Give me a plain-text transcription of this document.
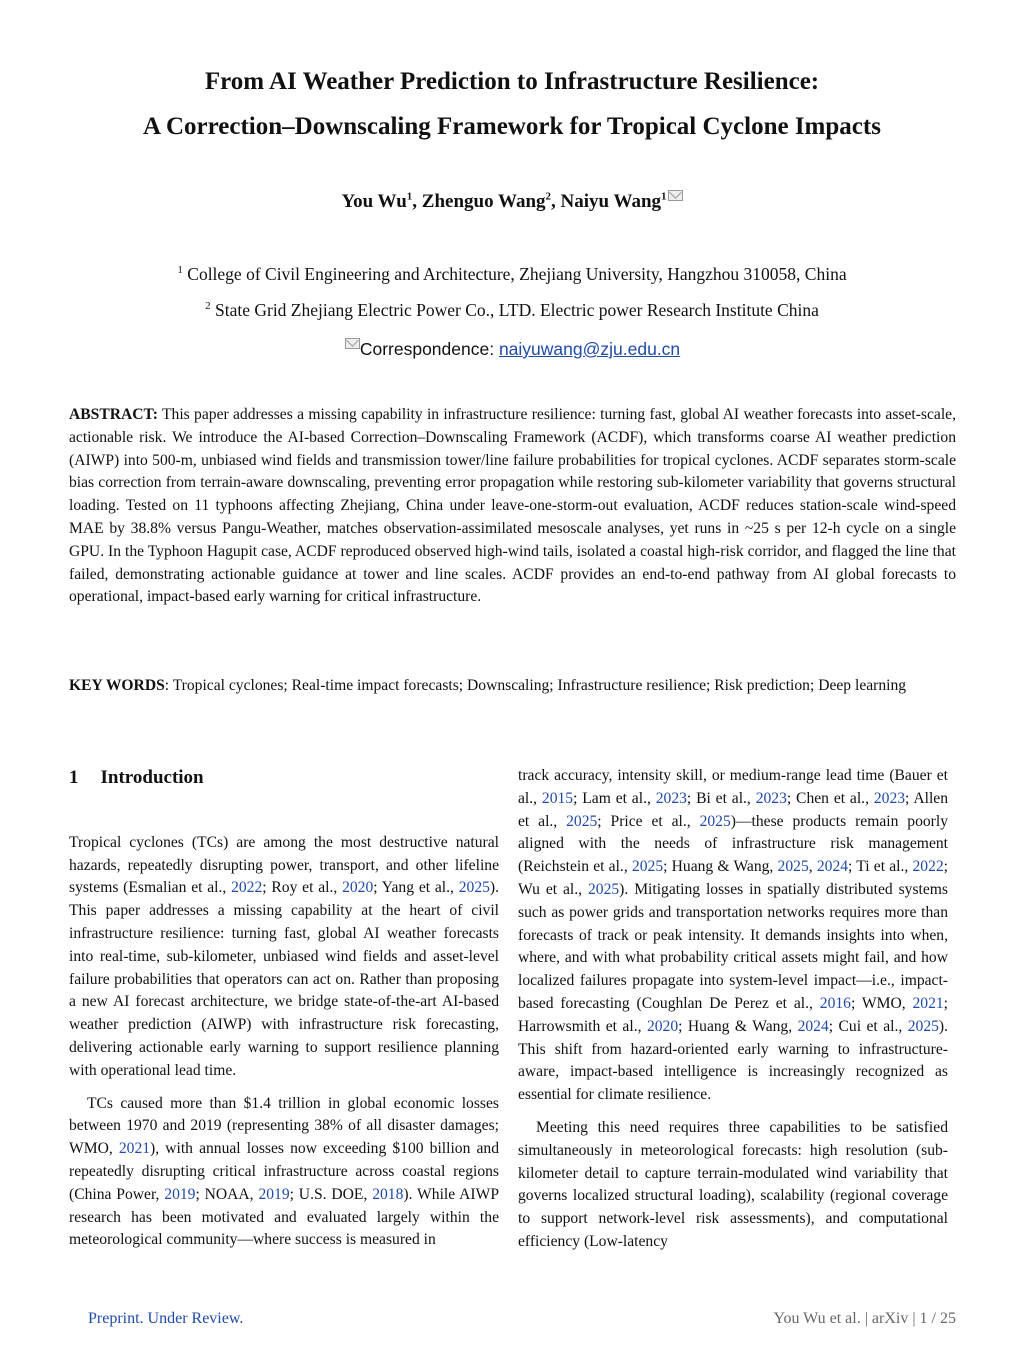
From AI Weather Prediction to Infrastructure Resilience:
A Correction–Downscaling Framework for Tropical Cyclone Impacts
You Wu$^1$, Zhenguo Wang$^2$, Naiyu Wang$^1$
$^1$ College of Civil Engineering and Architecture, Zhejiang University, Hangzhou 310058, China
$^2$ State Grid Zhejiang Electric Power Co., LTD. Electric power Research Institute China
Correspondence: naiyuwang@zju.edu.cn
ABSTRACT: This paper addresses a missing capability in infrastructure resilience: turning fast, global AI weather forecasts into asset-scale, actionable risk. We introduce the AI-based Correction–Downscaling Framework (ACDF), which transforms coarse AI weather prediction (AIWP) into 500-m, unbiased wind fields and transmission tower/line failure probabilities for tropical cyclones. ACDF separates storm-scale bias correction from terrain-aware downscaling, preventing error propagation while restoring sub-kilometer variability that governs structural loading. Tested on 11 typhoons affecting Zhejiang, China under leave-one-storm-out evaluation, ACDF reduces station-scale wind-speed MAE by 38.8% versus Pangu-Weather, matches observation-assimilated mesoscale analyses, yet runs in ~25 s per 12-h cycle on a single GPU. In the Typhoon Hagupit case, ACDF reproduced observed high-wind tails, isolated a coastal high-risk corridor, and flagged the line that failed, demonstrating actionable guidance at tower and line scales. ACDF provides an end-to-end pathway from AI global forecasts to operational, impact-based early warning for critical infrastructure.
KEY WORDS: Tropical cyclones; Real-time impact forecasts; Downscaling; Infrastructure resilience; Risk prediction; Deep learning
1 Introduction

Tropical cyclones (TCs) are among the most destructive natural hazards, repeatedly disrupting power, transport, and other lifeline systems (Esmalian et al., 2022; Roy et al., 2020; Yang et al., 2025). This paper addresses a missing capability at the heart of civil infrastructure resilience: turning fast, global AI weather forecasts into real-time, sub-kilometer, unbiased wind fields and asset-level failure probabilities that operators can act on. Rather than proposing a new AI forecast architecture, we bridge state-of-the-art AI-based weather prediction (AIWP) with infrastructure risk forecasting, delivering actionable early warning to support resilience planning with operational lead time.

TCs caused more than $1.4 trillion in global economic losses between 1970 and 2019 (representing 38% of all disaster damages; WMO, 2021), with annual losses now exceeding $100 billion and repeatedly disrupting critical infrastructure across coastal regions (China Power, 2019; NOAA, 2019; U.S. DOE, 2018). While AIWP research has been motivated and evaluated largely within the meteorological community—where success is measured in

track accuracy, intensity skill, or medium-range lead time (Bauer et al., 2015; Lam et al., 2023; Bi et al., 2023; Chen et al., 2023; Allen et al., 2025; Price et al., 2025)—these products remain poorly aligned with the needs of infrastructure risk management (Reichstein et al., 2025; Huang & Wang, 2025, 2024; Ti et al., 2022; Wu et al., 2025). Mitigating losses in spatially distributed systems such as power grids and transportation networks requires more than forecasts of track or peak intensity. It demands insights into when, where, and with what probability critical assets might fail, and how localized failures propagate into system-level impact—i.e., impact-based forecasting (Coughlan De Perez et al., 2016; WMO, 2021; Harrowsmith et al., 2020; Huang & Wang, 2024; Cui et al., 2025). This shift from hazard-oriented early warning to infrastructure-aware, impact-based intelligence is increasingly recognized as essential for climate resilience.

Meeting this need requires three capabilities to be satisfied simultaneously in meteorological forecasts: high resolution (sub-kilometer detail to capture terrain-modulated wind variability that governs localized structural loading), scalability (regional coverage to support network-level risk assessments), and computational efficiency (Low-latency

Preprint. Under Review.	You Wu et al. | arXiv | 1 / 25
